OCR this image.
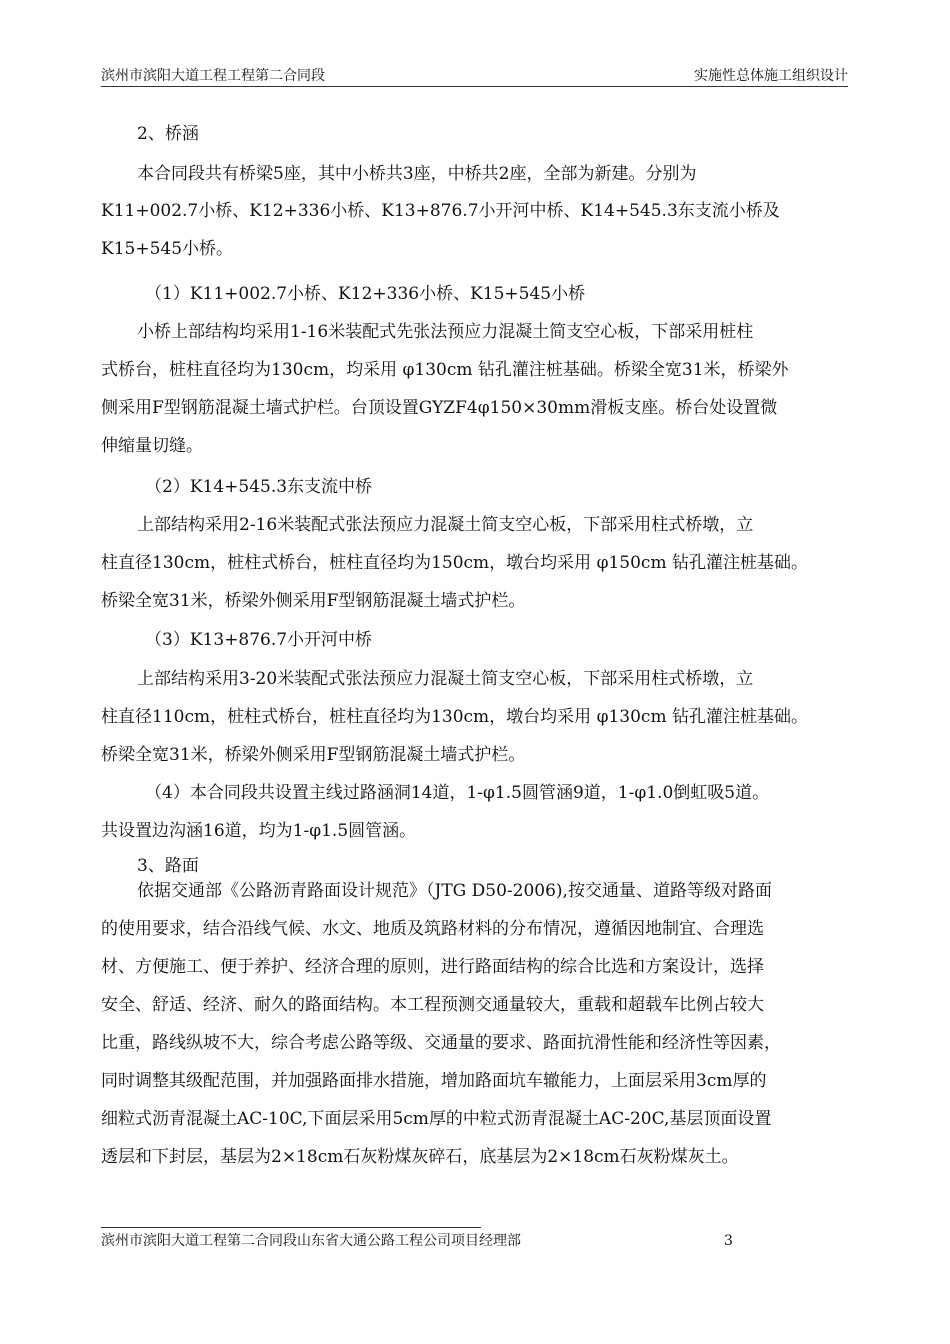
滨州市滨阳大道工程工程第二合同段	实施性总体施工组织设计
2、桥涵
本合同段共有桥梁5座，其中小桥共3座，中桥共2座，全部为新建。分别为
K11+002.7小桥、K12+336小桥、K13+876.7小开河中桥、K14+545.3东支流小桥及
K15+545小桥。
（1）K11+002.7小桥、K12+336小桥、K15+545小桥
小桥上部结构均采用1-16米装配式先张法预应力混凝土简支空心板，下部采用桩柱
式桥台，桩柱直径均为130cm，均采用 φ130cm 钻孔灌注桩基础。桥梁全宽31米，桥梁外
侧采用F型钢筋混凝土墙式护栏。台顶设置GYZF4φ150×30mm滑板支座。桥台处设置微
伸缩量切缝。
（2）K14+545.3东支流中桥
上部结构采用2-16米装配式张法预应力混凝土简支空心板，下部采用柱式桥墩，立
柱直径130cm，桩柱式桥台，桩柱直径均为150cm，墩台均采用 φ150cm 钻孔灌注桩基础。
桥梁全宽31米，桥梁外侧采用F型钢筋混凝土墙式护栏。
（3）K13+876.7小开河中桥
上部结构采用3-20米装配式张法预应力混凝土简支空心板，下部采用柱式桥墩，立
柱直径110cm，桩柱式桥台，桩柱直径均为130cm，墩台均采用 φ130cm 钻孔灌注桩基础。
桥梁全宽31米，桥梁外侧采用F型钢筋混凝土墙式护栏。
（4）本合同段共设置主线过路涵洞14道，1-φ1.5圆管涵9道，1-φ1.0倒虹吸5道。
共设置边沟涵16道，均为1-φ1.5圆管涵。
3、路面
依据交通部《公路沥青路面设计规范》（JTG D50-2006),按交通量、道路等级对路面
的使用要求，结合沿线气候、水文、地质及筑路材料的分布情况，遵循因地制宜、合理选
材、方便施工、便于养护、经济合理的原则，进行路面结构的综合比选和方案设计，选择
安全、舒适、经济、耐久的路面结构。本工程预测交通量较大，重载和超载车比例占较大
比重，路线纵坡不大，综合考虑公路等级、交通量的要求、路面抗滑性能和经济性等因素，
同时调整其级配范围，并加强路面排水措施，增加路面坑车辙能力，上面层采用3cm厚的
细粒式沥青混凝土AC-10C,下面层采用5cm厚的中粒式沥青混凝土AC-20C,基层顶面设置
透层和下封层，基层为2×18cm石灰粉煤灰碎石，底基层为2×18cm石灰粉煤灰土。
滨州市滨阳大道工程第二合同段山东省大通公路工程公司项目经理部	3
